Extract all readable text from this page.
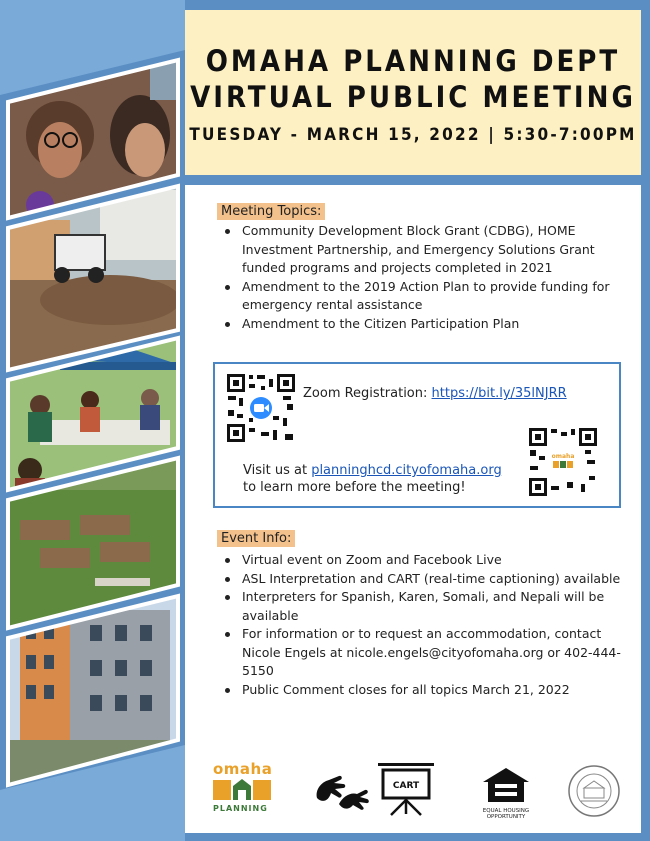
OMAHA PLANNING DEPT
VIRTUAL PUBLIC MEETING
TUESDAY - MARCH 15, 2022 | 5:30-7:00PM
Meeting Topics:
Community Development Block Grant (CDBG), HOME Investment Partnership, and Emergency Solutions Grant funded programs and projects completed in 2021
Amendment to the 2019 Action Plan to provide funding for emergency rental assistance
Amendment to the Citizen Participation Plan
Zoom Registration: https://bit.ly/35lNJRR
Visit us at planninghcd.cityofomaha.org
to learn more before the meeting!
omaha
Event Info:
Virtual event on Zoom and Facebook Live
ASL Interpretation and CART (real-time captioning) available
Interpreters for Spanish, Karen, Somali, and Nepali will be available
For information or to request an accommodation, contact Nicole Engels at nicole.engels@cityofomaha.org or 402-444-5150
Public Comment closes for all topics March 21, 2022
omaha
PLANNING
CART
EQUAL HOUSING OPPORTUNITY
